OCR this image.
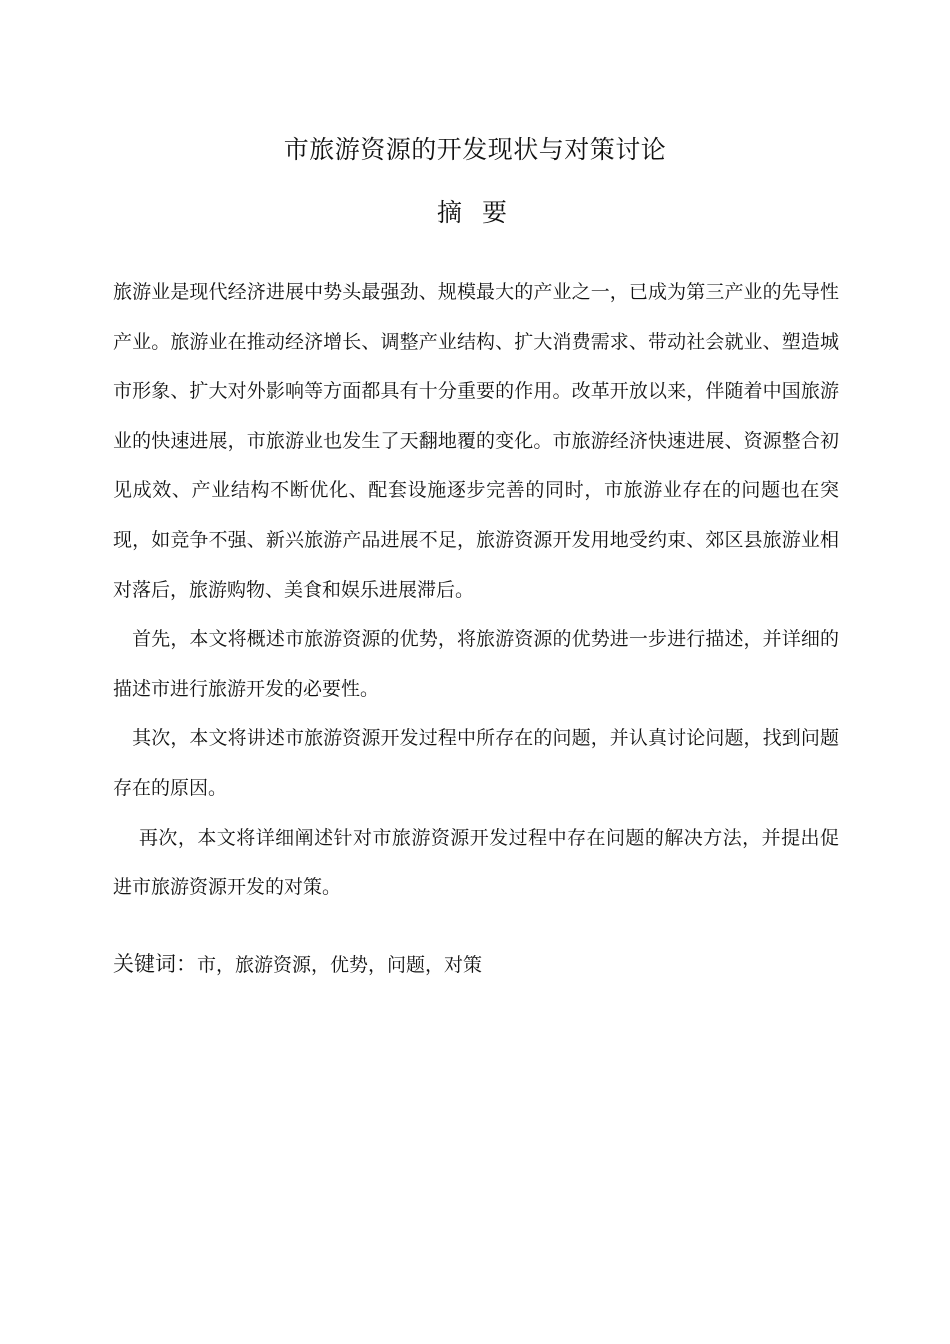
市旅游资源的开发现状与对策讨论
摘 要

旅游业是现代经济进展中势头最强劲、规模最大的产业之一，已成为第三产业的先导性产业。旅游业在推动经济增长、调整产业结构、扩大消费需求、带动社会就业、塑造城市形象、扩大对外影响等方面都具有十分重要的作用。改革开放以来，伴随着中国旅游业的快速进展，市旅游业也发生了天翻地覆的变化。市旅游经济快速进展、资源整合初见成效、产业结构不断优化、配套设施逐步完善的同时，市旅游业存在的问题也在突现，如竞争不强、新兴旅游产品进展不足，旅游资源开发用地受约束、郊区县旅游业相对落后，旅游购物、美食和娱乐进展滞后。

　首先，本文将概述市旅游资源的优势，将旅游资源的优势进一步进行描述，并详细的描述市进行旅游开发的必要性。

　其次，本文将讲述市旅游资源开发过程中所存在的问题，并认真讨论问题，找到问题存在的原因。

　 再次，本文将详细阐述针对市旅游资源开发过程中存在问题的解决方法，并提出促进市旅游资源开发的对策。

关键词：市，旅游资源，优势，问题，对策
